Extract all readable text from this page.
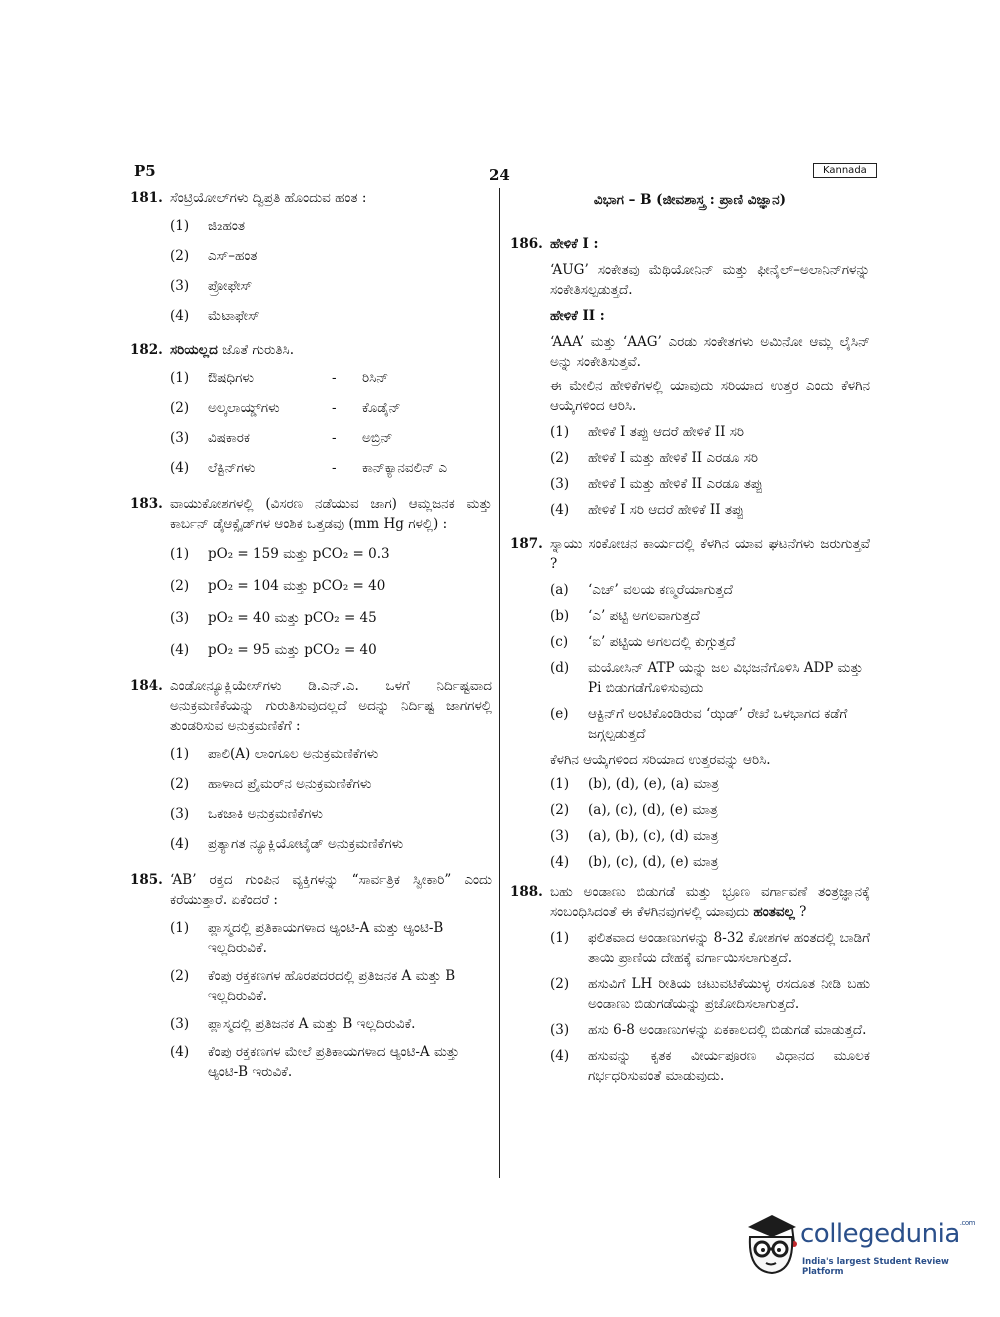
P5	24	Kannada
181. ಸೆಂಟ್ರಿಯೋಲ್‌ಗಳು ದ್ವಿಪ್ರತಿ ಹೊಂದುವ ಹಂತ :
(1)	ಜಿ₂ಹಂತ
(2)	ಎಸ್–ಹಂತ
(3)	ಪ್ರೋಫೇಸ್
(4)	ಮೆಟಾಫೇಸ್
182. ಸರಿಯಲ್ಲದ ಜೊತೆ ಗುರುತಿಸಿ.
(1)	ಔಷಧಿಗಳು	-	ರಿಸಿನ್
(2)	ಅಲ್ಕಲಾಯ್ಡ್‌ಗಳು	-	ಕೊಡೈನ್
(3)	ವಿಷಕಾರಕ	-	ಅಬ್ರಿನ್
(4)	ಲೆಕ್ಟಿನ್‌ಗಳು	-	ಕಾನ್‌ಕ್ಯಾನವಲಿನ್ ಎ
183. ವಾಯುಕೋಶಗಳಲ್ಲಿ (ವಿಸರಣ ನಡೆಯುವ ಜಾಗ) ಆಮ್ಲಜನಕ ಮತ್ತು ಕಾರ್ಬನ್ ಡೈಆಕ್ಸೈಡ್‌ಗಳ ಆಂಶಿಕ ಒತ್ತಡವು (mm Hg ಗಳಲ್ಲಿ) :
(1)	pO₂ = 159 ಮತ್ತು pCO₂ = 0.3
(2)	pO₂ = 104 ಮತ್ತು pCO₂ = 40
(3)	pO₂ = 40 ಮತ್ತು pCO₂ = 45
(4)	pO₂ = 95 ಮತ್ತು pCO₂ = 40
184. ಎಂಡೋನ್ಯೂಕ್ಲಿಯೇಸ್‌ಗಳು ಡಿ.ಎನ್.ಎ. ಒಳಗೆ ನಿರ್ದಿಷ್ಟವಾದ ಅನುಕ್ರಮಣಿಕೆಯನ್ನು ಗುರುತಿಸುವುದಲ್ಲದೆ ಅದನ್ನು ನಿರ್ದಿಷ್ಟ ಜಾಗಗಳಲ್ಲಿ ತುಂಡರಿಸುವ ಅನುಕ್ರಮಣಿಕೆಗೆ :
(1)	ಪಾಲಿ(A) ಲಾಂಗೂಲ ಅನುಕ್ರಮಣಿಕೆಗಳು
(2)	ಹಾಳಾದ ಪ್ರೈಮರ್‌ನ ಅನುಕ್ರಮಣಿಕೆಗಳು
(3)	ಒಕಜಾಕಿ ಅನುಕ್ರಮಣಿಕೆಗಳು
(4)	ಪ್ರತ್ಯಾಗತ ನ್ಯೂಕ್ಲಿಯೋಟೈಡ್ ಅನುಕ್ರಮಣಿಕೆಗಳು
185. ‘AB’ ರಕ್ತದ ಗುಂಪಿನ ವ್ಯಕ್ತಿಗಳನ್ನು “ಸಾರ್ವತ್ರಿಕ ಸ್ವೀಕಾರಿ” ಎಂದು ಕರೆಯುತ್ತಾರೆ. ಏಕೆಂದರೆ :
(1)	ಪ್ಲಾಸ್ಮದಲ್ಲಿ ಪ್ರತಿಕಾಯಗಳಾದ ಆ್ಯಂಟಿ-A ಮತ್ತು ಆ್ಯಂಟಿ-B ಇಲ್ಲದಿರುವಿಕೆ.
(2)	ಕೆಂಪು ರಕ್ತಕಣಗಳ ಹೊರಪದರದಲ್ಲಿ ಪ್ರತಿಜನಕ A ಮತ್ತು B ಇಲ್ಲದಿರುವಿಕೆ.
(3)	ಪ್ಲಾಸ್ಮದಲ್ಲಿ ಪ್ರತಿಜನಕ A ಮತ್ತು B ಇಲ್ಲದಿರುವಿಕೆ.
(4)	ಕೆಂಪು ರಕ್ತಕಣಗಳ ಮೇಲೆ ಪ್ರತಿಕಾಯಗಳಾದ ಆ್ಯಂಟಿ-A ಮತ್ತು ಆ್ಯಂಟಿ-B ಇರುವಿಕೆ.
ವಿಭಾಗ – B (ಜೀವಶಾಸ್ತ್ರ : ಪ್ರಾಣಿ ವಿಜ್ಞಾನ)
186. ಹೇಳಿಕೆ I :
‘AUG’ ಸಂಕೇತವು ಮೆಥಿಯೋನಿನ್ ಮತ್ತು ಫೀನೈಲ್–ಅಲಾನಿನ್‌ಗಳನ್ನು ಸಂಕೇತಿಸಲ್ಪಡುತ್ತದೆ.
ಹೇಳಿಕೆ II :
‘AAA’ ಮತ್ತು ‘AAG’ ಎರಡು ಸಂಕೇತಗಳು ಅಮಿನೋ ಆಮ್ಲ ಲೈಸಿನ್ ಅನ್ನು ಸಂಕೇತಿಸುತ್ತವೆ.
ಈ ಮೇಲಿನ ಹೇಳಿಕೆಗಳಲ್ಲಿ ಯಾವುದು ಸರಿಯಾದ ಉತ್ತರ ಎಂದು ಕೆಳಗಿನ ಆಯ್ಕೆಗಳಿಂದ ಆರಿಸಿ.
(1)	ಹೇಳಿಕೆ I ತಪ್ಪು ಆದರೆ ಹೇಳಿಕೆ II ಸರಿ
(2)	ಹೇಳಿಕೆ I ಮತ್ತು ಹೇಳಿಕೆ II ಎರಡೂ ಸರಿ
(3)	ಹೇಳಿಕೆ I ಮತ್ತು ಹೇಳಿಕೆ II ಎರಡೂ ತಪ್ಪು
(4)	ಹೇಳಿಕೆ I ಸರಿ ಆದರೆ ಹೇಳಿಕೆ II ತಪ್ಪು
187. ಸ್ನಾಯು ಸಂಕೋಚನ ಕಾರ್ಯದಲ್ಲಿ ಕೆಳಗಿನ ಯಾವ ಘಟನೆಗಳು ಜರುಗುತ್ತವೆ ?
(a)	‘ಎಚ್’ ವಲಯ ಕಣ್ಮರೆಯಾಗುತ್ತದೆ
(b)	‘ಎ’ ಪಟ್ಟಿ ಅಗಲವಾಗುತ್ತದೆ
(c)	‘ಐ’ ಪಟ್ಟಿಯ ಅಗಲದಲ್ಲಿ ಕುಗ್ಗುತ್ತದೆ
(d)	ಮಯೋಸಿನ್ ATP ಯನ್ನು ಜಲ ವಿಭಜನೆಗೊಳಿಸಿ ADP ಮತ್ತು Pi ಬಿಡುಗಡೆಗೊಳಿಸುವುದು
(e)	ಆಕ್ಟಿನ್‌ಗೆ ಅಂಟಿಕೊಂಡಿರುವ ‘ಝಡ್’ ರೇಖೆ ಒಳಭಾಗದ ಕಡೆಗೆ ಜಗ್ಗಲ್ಪಡುತ್ತದೆ
ಕೆಳಗಿನ ಆಯ್ಕೆಗಳಿಂದ ಸರಿಯಾದ ಉತ್ತರವನ್ನು ಆರಿಸಿ.
(1)	(b), (d), (e), (a) ಮಾತ್ರ
(2)	(a), (c), (d), (e) ಮಾತ್ರ
(3)	(a), (b), (c), (d) ಮಾತ್ರ
(4)	(b), (c), (d), (e) ಮಾತ್ರ
188. ಬಹು ಅಂಡಾಣು ಬಿಡುಗಡೆ ಮತ್ತು ಭ್ರೂಣ ವರ್ಗಾವಣೆ ತಂತ್ರಜ್ಞಾನಕ್ಕೆ ಸಂಬಂಧಿಸಿದಂತೆ ಈ ಕೆಳಗಿನವುಗಳಲ್ಲಿ ಯಾವುದು ಹಂತವಲ್ಲ ?
(1)	ಫಲಿತವಾದ ಅಂಡಾಣುಗಳನ್ನು 8-32 ಕೋಶಗಳ ಹಂತದಲ್ಲಿ ಬಾಡಿಗೆ ತಾಯಿ ಪ್ರಾಣಿಯ ದೇಹಕ್ಕೆ ವರ್ಗಾಯಿಸಲಾಗುತ್ತದೆ.
(2)	ಹಸುವಿಗೆ LH ರೀತಿಯ ಚಟುವಟಿಕೆಯುಳ್ಳ ರಸದೂತ ನೀಡಿ ಬಹು ಅಂಡಾಣು ಬಿಡುಗಡೆಯನ್ನು ಪ್ರಚೋದಿಸಲಾಗುತ್ತದೆ.
(3)	ಹಸು 6-8 ಅಂಡಾಣುಗಳನ್ನು ಏಕಕಾಲದಲ್ಲಿ ಬಿಡುಗಡೆ ಮಾಡುತ್ತದೆ.
(4)	ಹಸುವನ್ನು ಕೃತಕ ವೀರ್ಯಪೂರಣ ವಿಧಾನದ ಮೂಲಕ ಗರ್ಭಧರಿಸುವಂತೆ ಮಾಡುವುದು.
collegedunia$^{.com}$
India's largest Student Review Platform
